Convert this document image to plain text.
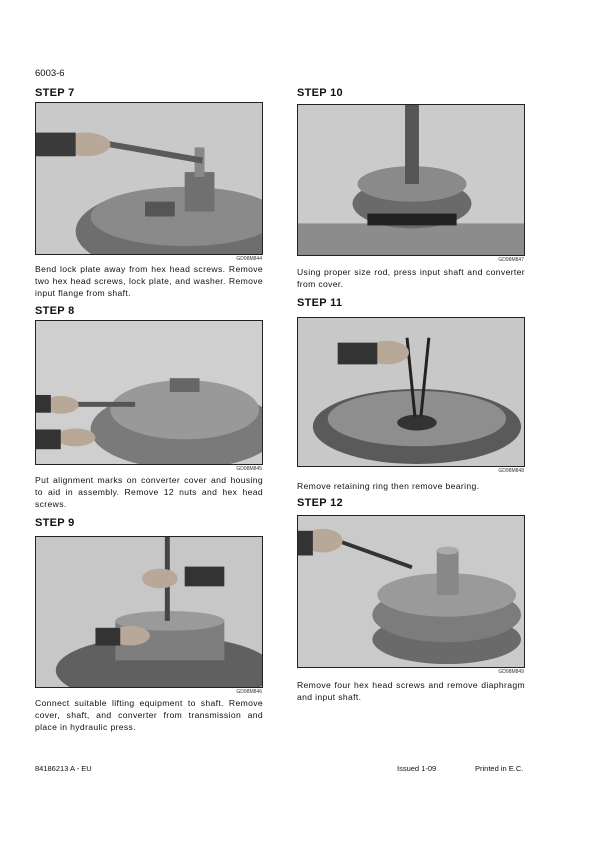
6003-6
STEP 7
GD98M844
Bend lock plate away from hex head screws. Remove two hex head screws, lock plate, and washer. Remove input flange from shaft.
STEP 8
GD98M845
Put alignment marks on converter cover and housing to aid in assembly. Remove 12 nuts and hex head screws.
STEP 9
GD98M846
Connect suitable lifting equipment to shaft. Remove cover, shaft, and converter from transmission and place in hydraulic press.
STEP 10
GD98M847
Using proper size rod, press input shaft and converter from cover.
STEP 11
GD98M848
Remove retaining ring then remove bearing.
STEP 12
GD98M849
Remove four hex head screws and remove diaphragm and input shaft.
84186213 A - EU	Issued 1-09	Printed in E.C.
